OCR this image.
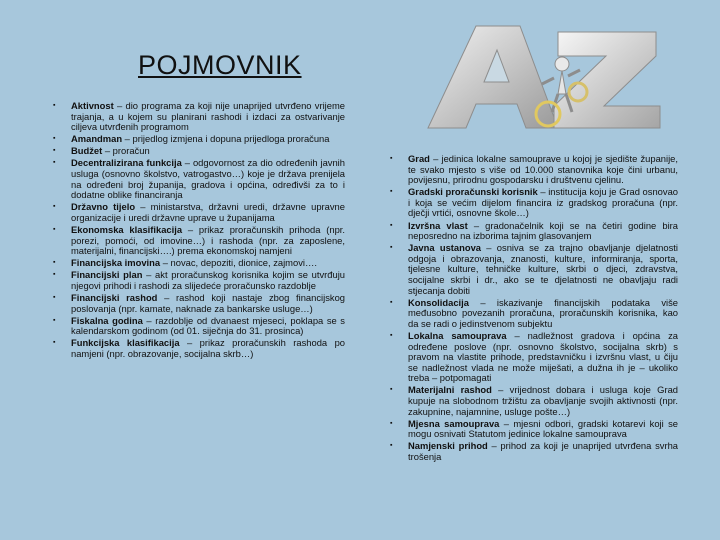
POJMOVNIK
▪ Aktivnost – dio programa za koji nije unaprijed utvrđeno vrijeme trajanja, a u kojem su planirani rashodi i izdaci za ostvarivanje ciljeva utvrđenih programom
▪ Amandman – prijedlog izmjena i dopuna prijedloga proračuna
▪ Budžet – proračun
▪ Decentralizirana funkcija – odgovornost za dio određenih javnih usluga (osnovno školstvo, vatrogastvo…) koje je država prenijela na određeni broj županija, gradova i općina, određivši za to i dodatne oblike financiranja
▪ Državno tijelo – ministarstva, državni uredi, državne upravne organizacije i uredi državne uprave u županijama
▪ Ekonomska klasifikacija – prikaz proračunskih prihoda (npr. porezi, pomoći, od imovine…) i rashoda (npr. za zaposlene, materijalni, financijski….) prema ekonomskoj namjeni
▪ Financijska imovina – novac, depoziti, dionice, zajmovi….
▪ Financijski plan – akt proračunskog korisnika kojim se utvrđuju njegovi prihodi i rashodi za slijedeće proračunsko razdoblje
▪ Financijski rashod – rashod koji nastaje zbog financijskog poslovanja (npr. kamate, naknade za bankarske usluge…)
▪ Fiskalna godina – razdoblje od dvanaest mjeseci, poklapa se s kalendarskom godinom (od 01. siječnja do 31. prosinca)
▪ Funkcijska klasifikacija – prikaz proračunskih rashoda po namjeni (npr. obrazovanje, socijalna skrb…)
▪ Grad – jedinica lokalne samouprave u kojoj je sjedište županije, te svako mjesto s više od 10.000 stanovnika koje čini urbanu, povijesnu, prirodnu gospodarsku i društvenu cjelinu.
▪ Gradski proračunski korisnik – institucija koju je Grad osnovao i koja se većim dijelom financira iz gradskog proračuna (npr. dječji vrtići, osnovne škole…)
▪ Izvršna vlast – gradonačelnik koji se na četiri godine bira neposredno na izborima tajnim glasovanjem
▪ Javna ustanova – osniva se za trajno obavljanje djelatnosti odgoja i obrazovanja, znanosti, kulture, informiranja, sporta, tjelesne kulture, tehničke kulture, skrbi o djeci, zdravstva, socijalne skrbi i dr., ako se te djelatnosti ne obavljaju radi stjecanja dobiti
▪ Konsolidacija – iskazivanje financijskih podataka više međusobno povezanih proračuna, proračunskih korisnika, kao da se radi o jedinstvenom subjektu
▪ Lokalna samouprava – nadležnost gradova i općina za određene poslove (npr. osnovno školstvo, socijalna skrb) s pravom na vlastite prihode, predstavničku i izvršnu vlast, u čiju se nadležnost vlada ne može miješati, a dužna ih je – ukoliko treba – potpomagati
▪ Materijalni rashod – vrijednost dobara i usluga koje Grad kupuje na slobodnom tržištu za obavljanje svojih aktivnosti (npr. zakupnine, najamnine, usluge pošte…)
▪ Mjesna samouprava – mjesni odbori, gradski kotarevi koji se mogu osnivati Statutom jedinice lokalne samouprava
▪ Namjenski prihod – prihod za koji je unaprijed utvrđena svrha trošenja
